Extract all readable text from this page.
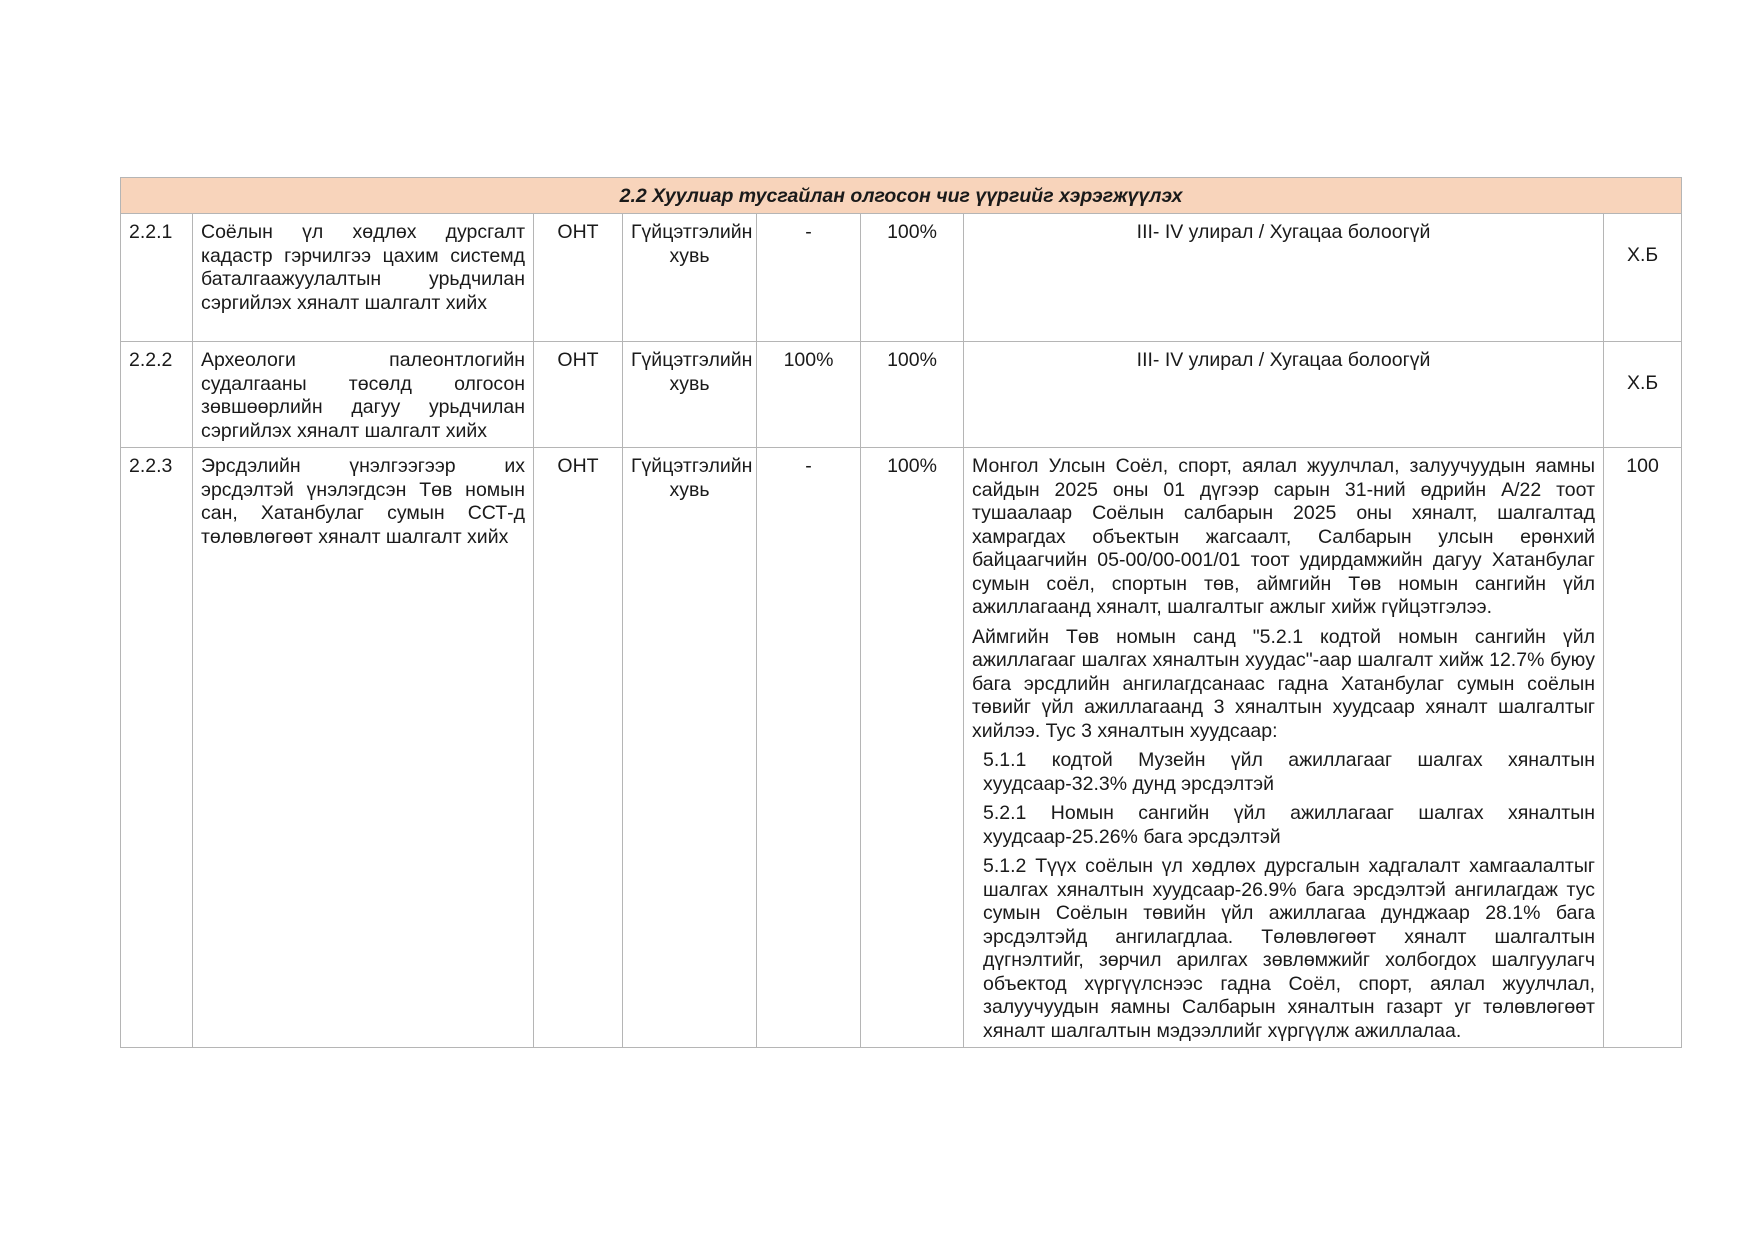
2.2 Хуулиар тусгайлан олгосон чиг үүргийг хэрэгжүүлэх							
2.2.1	Соёлын үл хөдлөх дурсгалт кадастр гэрчилгээ цахим системд баталгаажуулалтын урьдчилан сэргийлэх хяналт шалгалт хийх	ОНТ	Гүйцэтгэлийн хувь	-	100%	III- IV улирал / Хугацаа болоогүй	Х.Б
2.2.2	Археологи палеонтлогийн судалгааны төсөлд олгосон зөвшөөрлийн дагуу урьдчилан сэргийлэх хяналт шалгалт хийх	ОНТ	Гүйцэтгэлийн хувь	100%	100%	III- IV улирал / Хугацаа болоогүй	Х.Б
2.2.3	Эрсдэлийн үнэлгээгээр их эрсдэлтэй үнэлэгдсэн Төв номын сан, Хатанбулаг сумын ССТ-д төлөвлөгөөт хяналт шалгалт хийх	ОНТ	Гүйцэтгэлийн хувь	-	100%	Монгол Улсын Соёл, спорт, аялал жуулчлал, залуучуудын яамны сайдын 2025 оны 01 дүгээр сарын 31-ний өдрийн А/22 тоот тушаалаар Соёлын салбарын 2025 оны хяналт, шалгалтад хамрагдах объектын жагсаалт, Салбарын улсын ерөнхий байцаагчийн 05-00/00-001/01 тоот удирдамжийн дагуу Хатанбулаг сумын соёл, спортын төв, аймгийн Төв номын сангийн үйл ажиллагаанд хяналт, шалгалтыг ажлыг хийж гүйцэтгэлээ.
Аймгийн Төв номын санд "5.2.1 кодтой номын сангийн үйл ажиллагааг шалгах хяналтын хуудас"-аар шалгалт хийж 12.7% буюу бага эрсдлийн ангилагдсанаас гадна Хатанбулаг сумын соёлын төвийг үйл ажиллагаанд 3 хяналтын хуудсаар хяналт шалгалтыг хийлээ. Тус 3 хяналтын хуудсаар:
5.1.1 кодтой Музейн үйл ажиллагааг шалгах хяналтын хуудсаар-32.3% дунд эрсдэлтэй
5.2.1 Номын сангийн үйл ажиллагааг шалгах хяналтын хуудсаар-25.26% бага эрсдэлтэй
5.1.2 Түүх соёлын үл хөдлөх дурсгалын хадгалалт хамгаалалтыг шалгах хяналтын хуудсаар-26.9% бага эрсдэлтэй ангилагдаж тус сумын Соёлын төвийн үйл ажиллагаа дунджаар 28.1% бага эрсдэлтэйд ангилагдлаа. Төлөвлөгөөт хяналт шалгалтын дүгнэлтийг, зөрчил арилгах зөвлөмжийг холбогдох шалгуулагч объектод хүргүүлснээс гадна Соёл, спорт, аялал жуулчлал, залуучуудын яамны Салбарын хяналтын газарт уг төлөвлөгөөт хяналт шалгалтын мэдээллийг хүргүүлж ажиллалаа.	100
